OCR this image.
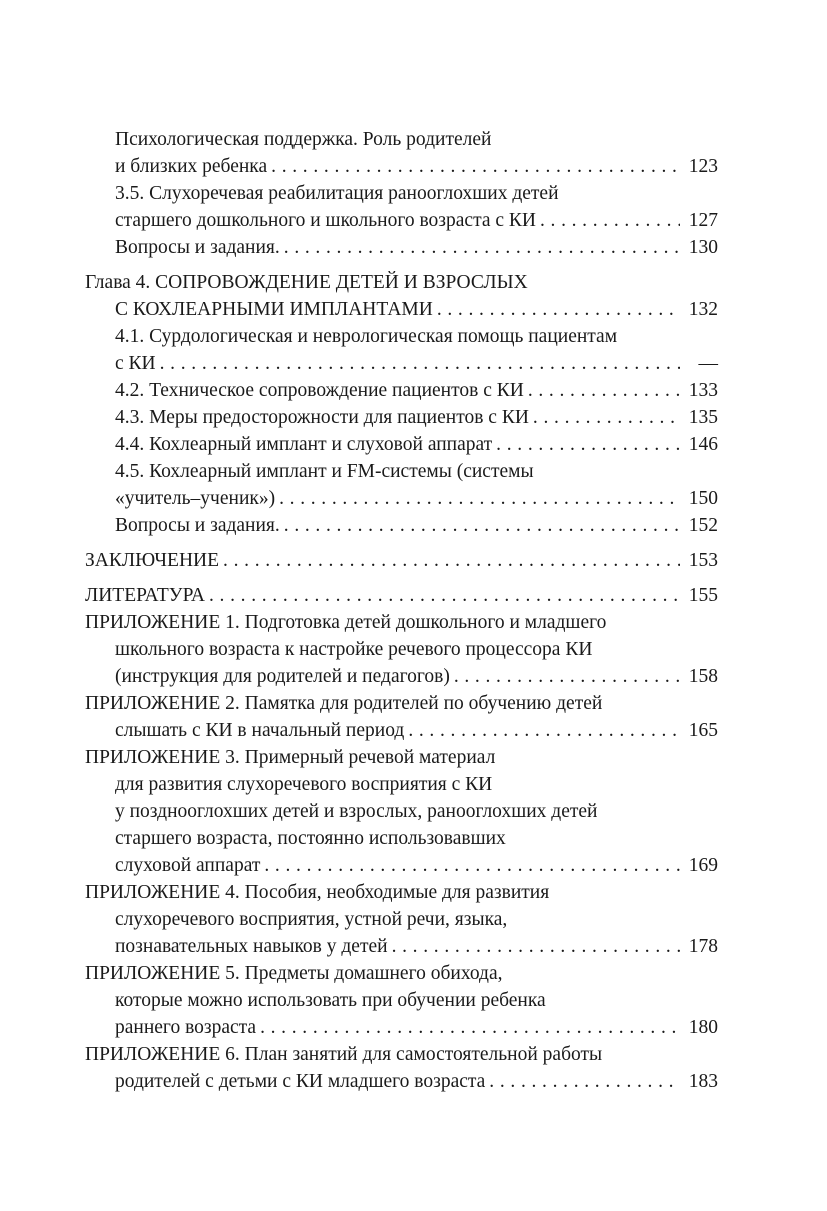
Психологическая поддержка. Роль родителей
и близких ребенка . . .	123
3.5. Слухоречевая реабилитация ранооглохших детей
старшего дошкольного и школьного возраста с КИ . . .	127
Вопросы и задания. . . .	130
Глава 4. СОПРОВОЖДЕНИЕ ДЕТЕЙ И ВЗРОСЛЫХ
С КОХЛЕАРНЫМИ ИМПЛАНТАМИ . . .	132
4.1. Сурдологическая и неврологическая помощь пациентам
с КИ . . .	—
4.2. Техническое сопровождение пациентов с КИ . . .	133
4.3. Меры предосторожности для пациентов с КИ . . .	135
4.4. Кохлеарный имплант и слуховой аппарат . . .	146
4.5. Кохлеарный имплант и FM-системы (системы
«учитель–ученик») . . .	150
Вопросы и задания. . . .	152
ЗАКЛЮЧЕНИЕ . . .	153
ЛИТЕРАТУРА . . .	155
ПРИЛОЖЕНИЕ 1. Подготовка детей дошкольного и младшего
школьного возраста к настройке речевого процессора КИ
(инструкция для родителей и педагогов) . . .	158
ПРИЛОЖЕНИЕ 2. Памятка для родителей по обучению детей
слышать с КИ в начальный период . . .	165
ПРИЛОЖЕНИЕ 3. Примерный речевой материал
для развития слухоречевого восприятия с КИ
у позднооглохших детей и взрослых, ранооглохших детей
старшего возраста, постоянно использовавших
слуховой аппарат . . .	169
ПРИЛОЖЕНИЕ 4. Пособия, необходимые для развития
слухоречевого восприятия, устной речи, языка,
познавательных навыков у детей . . .	178
ПРИЛОЖЕНИЕ 5. Предметы домашнего обихода,
которые можно использовать при обучении ребенка
раннего возраста . . .	180
ПРИЛОЖЕНИЕ 6. План занятий для самостоятельной работы
родителей с детьми с КИ младшего возраста . . .	183
